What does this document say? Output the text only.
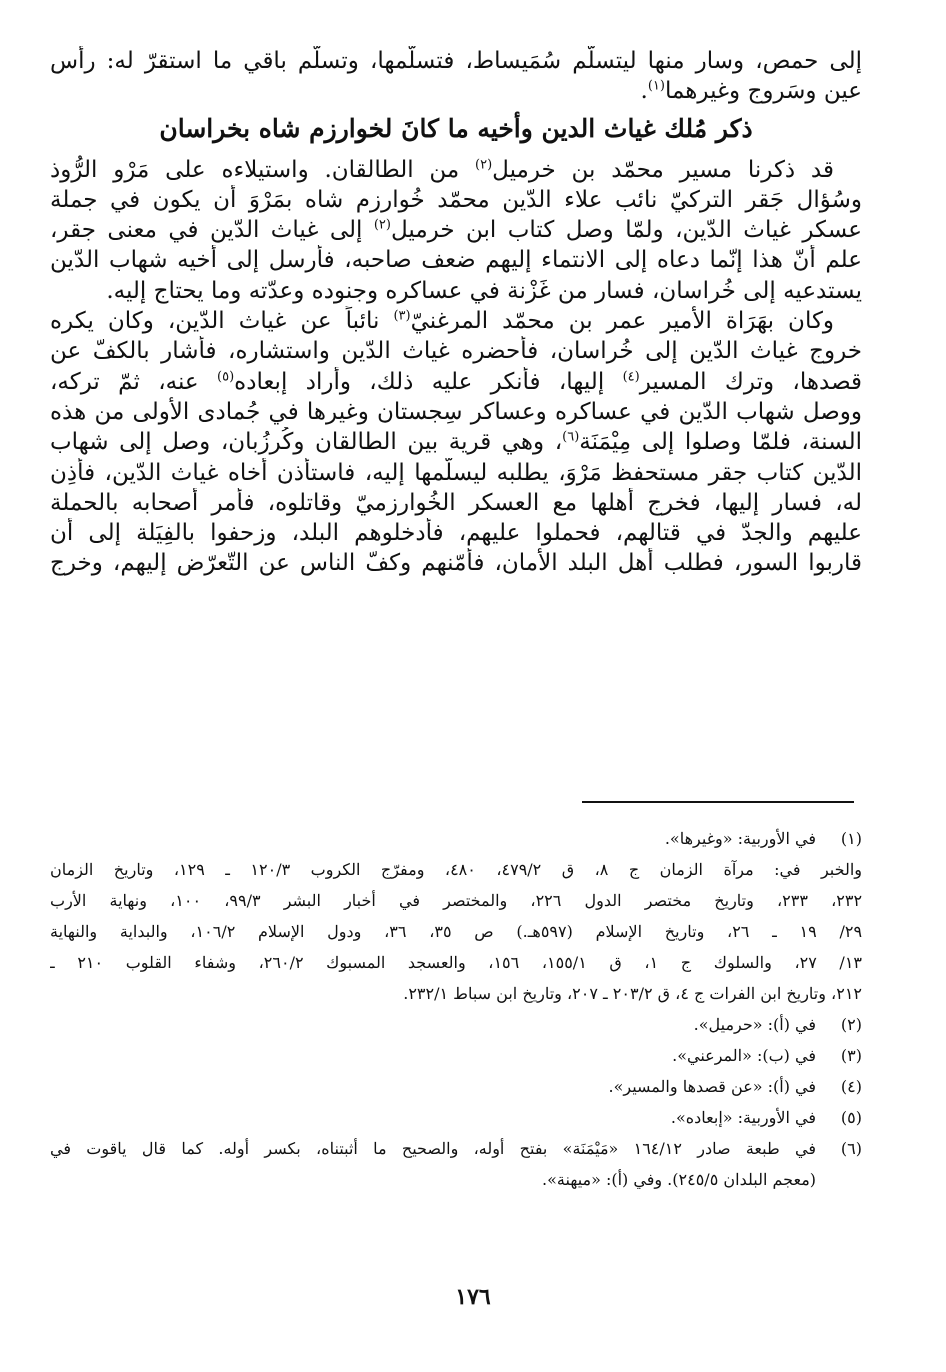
إلى حمص، وسار منها ليتسلّم سُمَيساط، فتسلّمها، وتسلّم باقي ما استقرّ له: رأس
عين وسَروج وغيرهما$^{(١)}$.
ذكر مُلك غياث الدين وأخيه ما كانَ لخوارزم شاه بخراسان
قد ذكرنا مسير محمّد بن خرميل$^{(٢)}$ من الطالقان. واستيلاءه على مَرْو الرُّوذ
وسُؤال جَقر التركيّ نائب علاء الدّين محمّد خُوارزم شاه بمَرْوَ أن يكون في جملة
عسكر غياث الدّين، ولمّا وصل كتاب ابن خرميل$^{(٢)}$ إلى غياث الدّين في معنى جقر،
علم أنّ هذا إنّما دعاه إلى الانتماء إليهم ضعف صاحبه، فأرسل إلى أخيه شهاب الدّين
يستدعيه إلى خُراسان، فسار من غَزْنة في عساكره وجنوده وعدّته وما يحتاج إليه.
وكان بهَرَاة الأمير عمر بن محمّد المرغنيّ$^{(٣)}$ نائباً عن غياث الدّين، وكان يكره
خروج غياث الدّين إلى خُراسان، فأحضره غياث الدّين واستشاره، فأشار بالكفّ عن
قصدها، وترك المسير$^{(٤)}$ إليها، فأنكر عليه ذلك، وأراد إبعاده$^{(٥)}$ عنه، ثمّ تركه،
ووصل شهاب الدّين في عساكره وعساكر سِجستان وغيرها في جُمادى الأولى من هذه
السنة، فلمّا وصلوا إلى مِيْمَنَة$^{(٦)}$، وهي قرية بين الطالقان وكُرزُبان، وصل إلى شهاب
الدّين كتاب جقر مستحفظ مَرْوَ، يطلبه ليسلّمها إليه، فاستأذن أخاه غياث الدّين، فأذِن
له، فسار إليها، فخرج أهلها مع العسكر الخُوارزميّ وقاتلوه، فأمر أصحابه بالحملة
عليهم والجدّ في قتالهم، فحملوا عليهم، فأدخلوهم البلد، وزحفوا بالفِيَلة إلى أن
قاربوا السور، فطلب أهل البلد الأمان، فأمّنهم وكفّ الناس عن التّعرّض إليهم، وخرج
(١)
في الأوربية: «وغيرها».
والخبر في: مرآة الزمان ج ٨، ق ٤٧٩/٢، ٤٨٠، ومفرّج الكروب ١٢٠/٣ ـ ١٢٩، وتاريخ الزمان
٢٣٢، ٢٣٣، وتاريخ مختصر الدول ٢٢٦، والمختصر في أخبار البشر ٩٩/٣، ١٠٠، ونهاية الأرب
٢٩/ ١٩ ـ ٢٦، وتاريخ الإسلام (٥٩٧هـ.) ص ٣٥، ٣٦، ودول الإسلام ١٠٦/٢، والبداية والنهاية
١٣/ ٢٧، والسلوك ج ١، ق ١٥٥/١، ١٥٦، والعسجد المسبوك ٢٦٠/٢، وشفاء القلوب ٢١٠ ـ
٢١٢، وتاريخ ابن الفرات ج ٤، ق ٢٠٣/٢ ـ ٢٠٧، وتاريخ ابن سباط ٢٣٢/١.
(٢)
في (أ): «حرميل».
(٣)
في (ب): «المرعني».
(٤)
في (أ): «عن قصدها والمسير».
(٥)
في الأوربية: «إبعاده».
(٦)
في طبعة صادر ١٦٤/١٢ «مَيْمَنَة» بفتح أوله، والصحيح ما أثبتناه، بكسر أوله. كما قال ياقوت في
(معجم البلدان ٢٤٥/٥). وفي (أ): «ميهنة».
١٧٦
